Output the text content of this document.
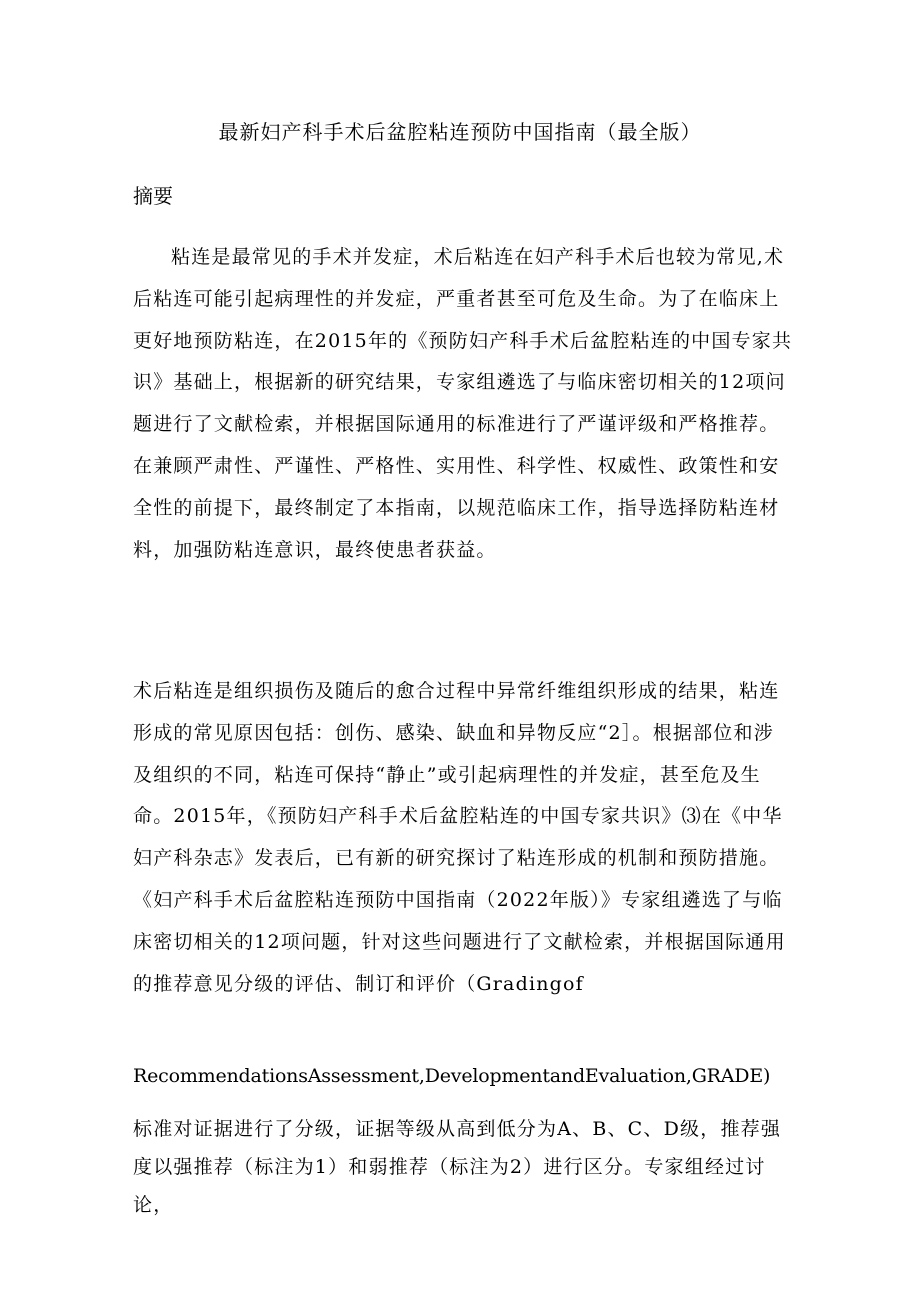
最新妇产科手术后盆腔粘连预防中国指南（最全版）
摘要

粘连是最常见的手术并发症，术后粘连在妇产科手术后也较为常见,术后粘连可能引起病理性的并发症，严重者甚至可危及生命。为了在临床上更好地预防粘连，在2015年的《预防妇产科手术后盆腔粘连的中国专家共识》基础上，根据新的研究结果，专家组遴选了与临床密切相关的12项问题进行了文献检索，并根据国际通用的标准进行了严谨评级和严格推荐。在兼顾严肃性、严谨性、严格性、实用性、科学性、权威性、政策性和安全性的前提下，最终制定了本指南，以规范临床工作，指导选择防粘连材料，加强防粘连意识，最终使患者获益。

术后粘连是组织损伤及随后的愈合过程中异常纤维组织形成的结果，粘连形成的常见原因包括：创伤、感染、缺血和异物反应“2］。根据部位和涉及组织的不同，粘连可保持“静止”或引起病理性的并发症，甚至危及生命。2015年，《预防妇产科手术后盆腔粘连的中国专家共识》⑶在《中华妇产科杂志》发表后，已有新的研究探讨了粘连形成的机制和预防措施。《妇产科手术后盆腔粘连预防中国指南（2022年版）》专家组遴选了与临床密切相关的12项问题，针对这些问题进行了文献检索，并根据国际通用的推荐意见分级的评估、制订和评价（Gradingof

RecommendationsAssessment,DevelopmentandEvaluation,GRADE)

标准对证据进行了分级，证据等级从高到低分为A、B、C、D级，推荐强度以强推荐（标注为1）和弱推荐（标注为2）进行区分。专家组经过讨论，
